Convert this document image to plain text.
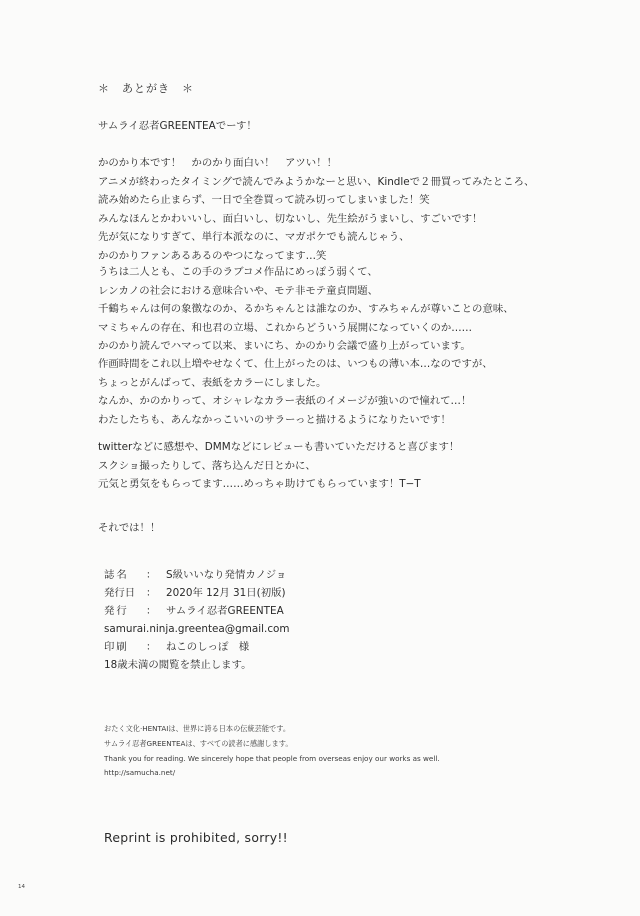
＊　あとがき　＊
サムライ忍者GREENTEAでーす！
かのかり本です！　かのかり面白い！　アツい！！
アニメが終わったタイミングで読んでみようかなーと思い、Kindleで２冊買ってみたところ、
読み始めたら止まらず、一日で全巻買って読み切ってしまいました！笑
みんなほんとかわいいし、面白いし、切ないし、先生絵がうまいし、すごいです！
先が気になりすぎて、単行本派なのに、マガポケでも読んじゃう、
かのかりファンあるあるのやつになってます…笑
うちは二人とも、この手のラブコメ作品にめっぽう弱くて、
レンカノの社会における意味合いや、モテ非モテ童貞問題、
千鶴ちゃんは何の象徴なのか、るかちゃんとは誰なのか、すみちゃんが尊いことの意味、
マミちゃんの存在、和也君の立場、これからどういう展開になっていくのか……
かのかり読んでハマって以来、まいにち、かのかり会議で盛り上がっています。
作画時間をこれ以上増やせなくて、仕上がったのは、いつもの薄い本…なのですが、
ちょっとがんばって、表紙をカラーにしました。
なんか、かのかりって、オシャレなカラー表紙のイメージが強いので憧れて…！
わたしたちも、あんなかっこいいのサラーっと描けるようになりたいです！
twitterなどに感想や、DMMなどにレビューも書いていただけると喜びます！
スクショ撮ったりして、落ち込んだ日とかに、
元気と勇気をもらってます……めっちゃ助けてもらっています！T−T
それでは！！
誌名	： S級いいなり発情カノジョ
発行日	： 2020年 12月 31日(初版)
発行	： サムライ忍者GREENTEA
samurai.ninja.greentea@gmail.com
印刷	： ねこのしっぽ　様
18歳未満の閲覧を禁止します。
おたく文化·HENTAIは、世界に誇る日本の伝統芸能です。
サムライ忍者GREENTEAは、すべての読者に感謝します。
Thank you for reading. We sincerely hope that people from overseas enjoy our works as well.
http://samucha.net/
Reprint is prohibited, sorry!!
14
